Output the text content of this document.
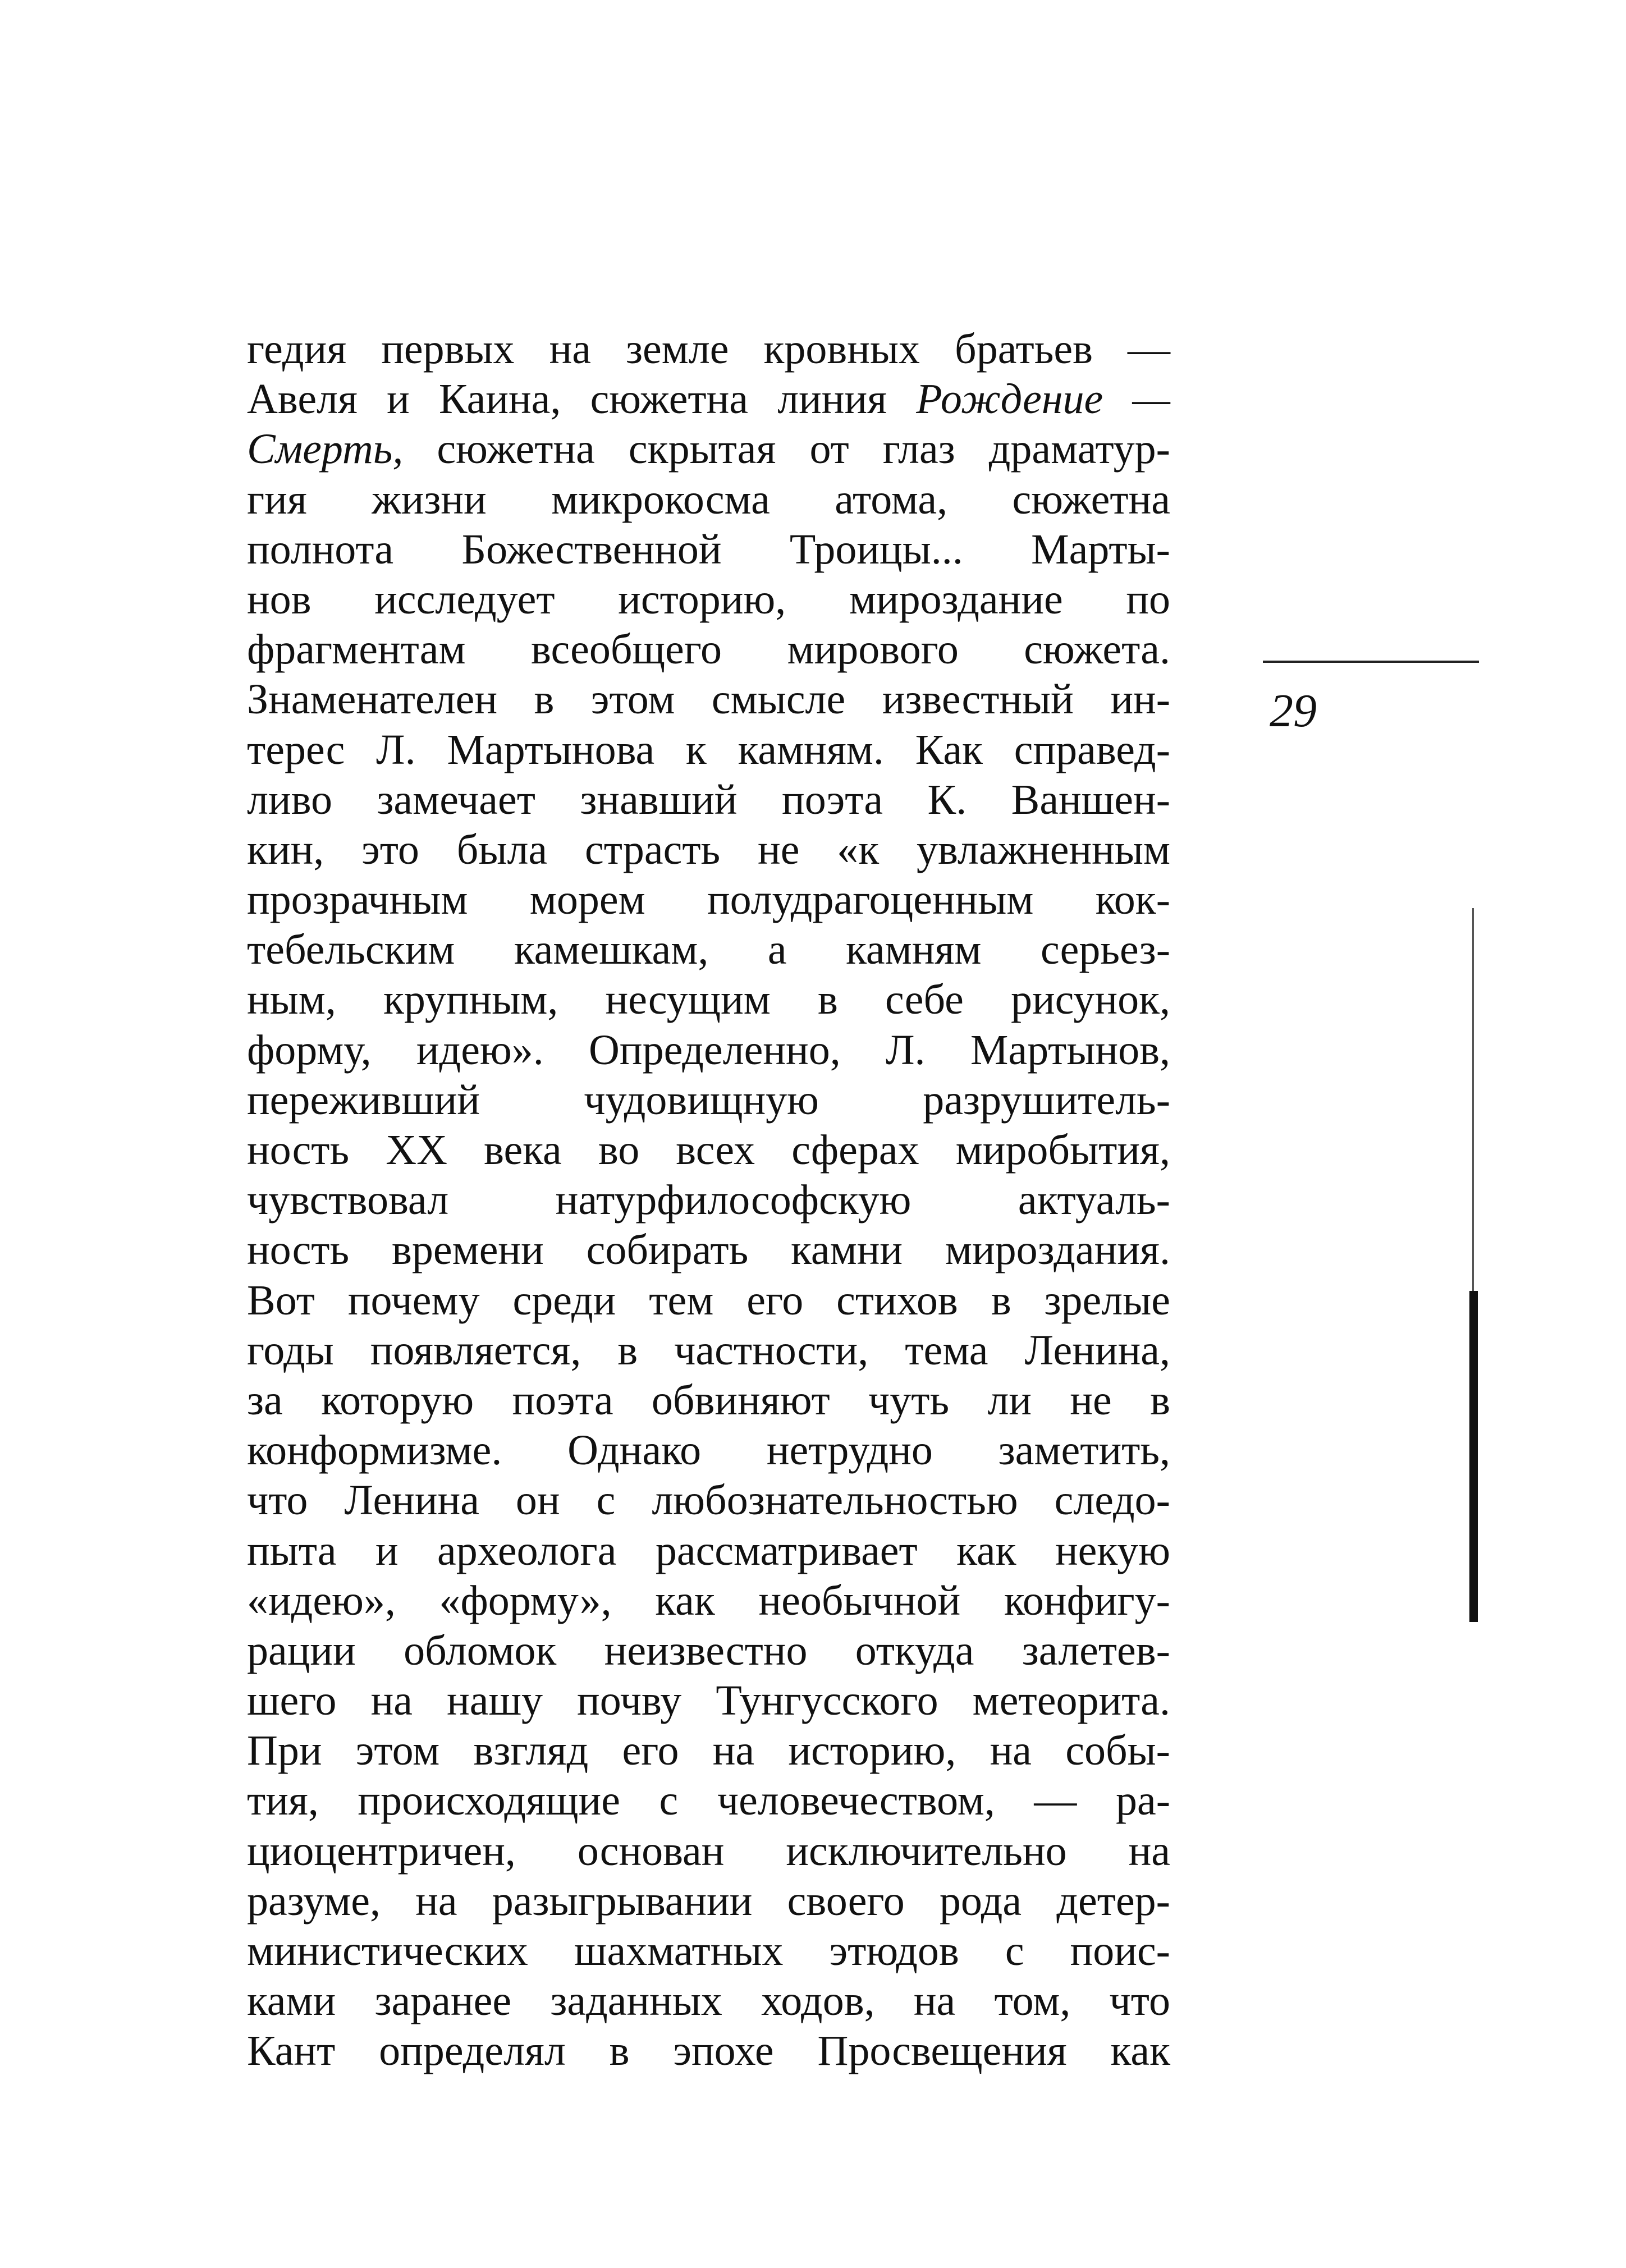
гедия первых на земле кровных братьев —
Авеля и Каина, сюжетна линия Рождение —
Смерть, сюжетна скрытая от глаз драматур-
гия жизни микрокосма атома, сюжетна
полнота Божественной Троицы... Марты-
нов исследует историю, мироздание по
фрагментам всеобщего мирового сюжета.
Знаменателен в этом смысле известный ин-
терес Л. Мартынова к камням. Как справед-
ливо замечает знавший поэта К. Ваншен-
кин, это была страсть не «к увлажненным
прозрачным морем полудрагоценным кок-
тебельским камешкам, а камням серьез-
ным, крупным, несущим в себе рисунок,
форму, идею». Определенно, Л. Мартынов,
переживший чудовищную разрушитель-
ность XX века во всех сферах миробытия,
чувствовал натурфилософскую актуаль-
ность времени собирать камни мироздания.
Вот почему среди тем его стихов в зрелые
годы появляется, в частности, тема Ленина,
за которую поэта обвиняют чуть ли не в
конформизме. Однако нетрудно заметить,
что Ленина он с любознательностью следо-
пыта и археолога рассматривает как некую
«идею», «форму», как необычной конфигу-
рации обломок неизвестно откуда залетев-
шего на нашу почву Тунгусского метеорита.
При этом взгляд его на историю, на собы-
тия, происходящие с человечеством, — ра-
циоцентричен, основан исключительно на
разуме, на разыгрывании своего рода детер-
министических шахматных этюдов с поис-
ками заранее заданных ходов, на том, что
Кант определял в эпохе Просвещения как
29
